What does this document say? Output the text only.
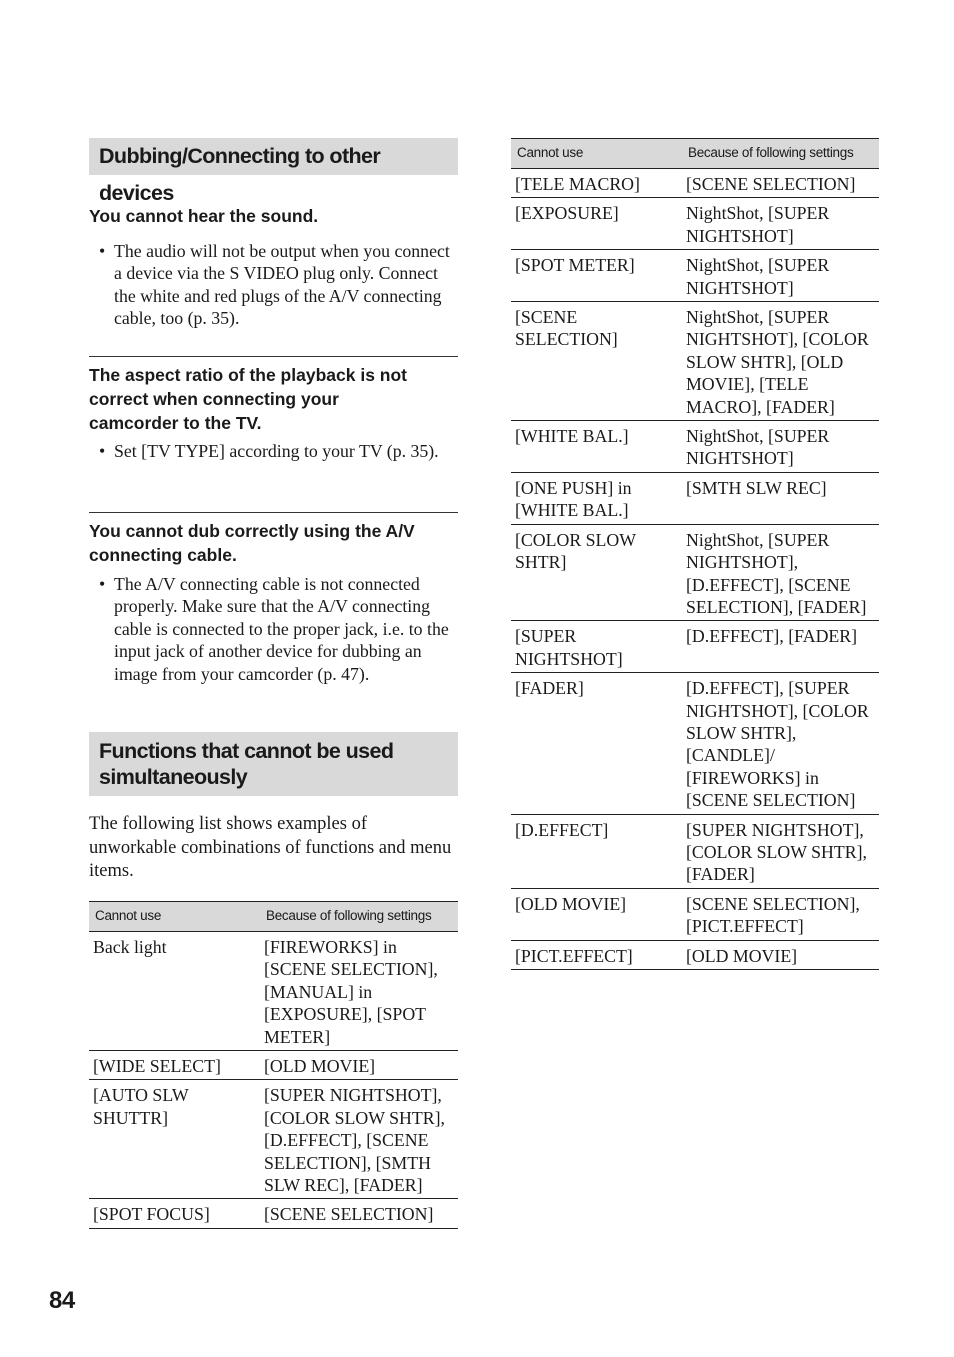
Dubbing/Connecting to other devices
You cannot hear the sound.
• The audio will not be output when you connect a device via the S VIDEO plug only. Connect the white and red plugs of the A/V connecting cable, too (p. 35).
The aspect ratio of the playback is not correct when connecting your camcorder to the TV.
• Set [TV TYPE] according to your TV (p. 35).
You cannot dub correctly using the A/V connecting cable.
• The A/V connecting cable is not connected properly. Make sure that the A/V connecting cable is connected to the proper jack, i.e. to the input jack of another device for dubbing an image from your camcorder (p. 47).
Functions that cannot be used simultaneously
The following list shows examples of unworkable combinations of functions and menu items.
Cannot use	Because of following settings
Back light	[FIREWORKS] in [SCENE SELECTION], [MANUAL] in [EXPOSURE], [SPOT METER]
[WIDE SELECT]	[OLD MOVIE]
[AUTO SLW SHUTTR]	[SUPER NIGHTSHOT], [COLOR SLOW SHTR], [D.EFFECT], [SCENE SELECTION], [SMTH SLW REC], [FADER]
[SPOT FOCUS]	[SCENE SELECTION]
Cannot use	Because of following settings
[TELE MACRO]	[SCENE SELECTION]
[EXPOSURE]	NightShot, [SUPER NIGHTSHOT]
[SPOT METER]	NightShot, [SUPER NIGHTSHOT]
[SCENE SELECTION]	NightShot, [SUPER NIGHTSHOT], [COLOR SLOW SHTR], [OLD MOVIE], [TELE MACRO], [FADER]
[WHITE BAL.]	NightShot, [SUPER NIGHTSHOT]
[ONE PUSH] in [WHITE BAL.]	[SMTH SLW REC]
[COLOR SLOW SHTR]	NightShot, [SUPER NIGHTSHOT], [D.EFFECT], [SCENE SELECTION], [FADER]
[SUPER NIGHTSHOT]	[D.EFFECT], [FADER]
[FADER]	[D.EFFECT], [SUPER NIGHTSHOT], [COLOR SLOW SHTR], [CANDLE]/ [FIREWORKS] in [SCENE SELECTION]
[D.EFFECT]	[SUPER NIGHTSHOT], [COLOR SLOW SHTR], [FADER]
[OLD MOVIE]	[SCENE SELECTION], [PICT.EFFECT]
[PICT.EFFECT]	[OLD MOVIE]
84
